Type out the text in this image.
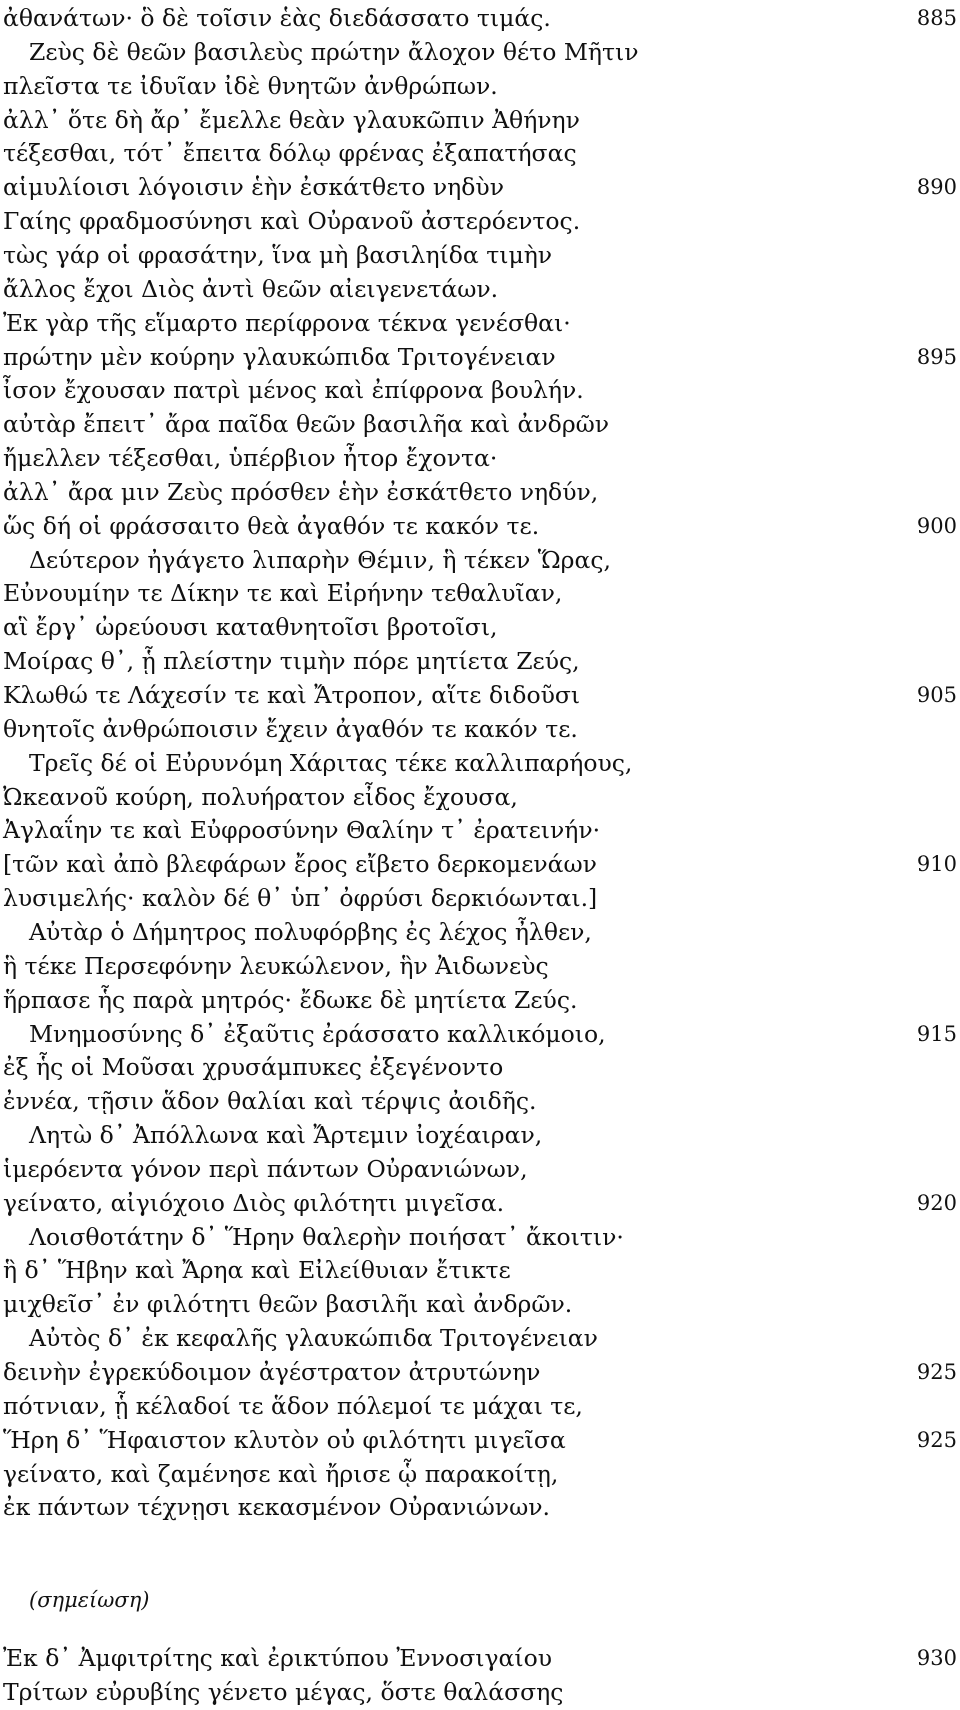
ἀθανάτων· ὃ δὲ τοῖσιν ἑὰς διεδάσσατο τιμάς.	885
Ζεὺς δὲ θεῶν βασιλεὺς πρώτην ἄλοχον θέτο Μῆτιν
πλεῖστα τε ἰδυῖαν ἰδὲ θνητῶν ἀνθρώπων.
ἀλλ᾽ ὅτε δὴ ἄρ᾽ ἔμελλε θεὰν γλαυκῶπιν Ἀθήνην
τέξεσθαι, τότ᾽ ἔπειτα δόλῳ φρένας ἐξαπατήσας
αἱμυλίοισι λόγοισιν ἑὴν ἐσκάτθετο νηδὺν	890
Γαίης φραδμοσύνησι καὶ Οὐρανοῦ ἀστερόεντος.
τὼς γάρ οἱ φρασάτην, ἵνα μὴ βασιληίδα τιμὴν
ἄλλος ἔχοι Διὸς ἀντὶ θεῶν αἰειγενετάων.
Ἐκ γὰρ τῆς εἵμαρτο περίφρονα τέκνα γενέσθαι·
πρώτην μὲν κούρην γλαυκώπιδα Τριτογένειαν	895
ἶσον ἔχουσαν πατρὶ μένος καὶ ἐπίφρονα βουλήν.
αὐτὰρ ἔπειτ᾽ ἄρα παῖδα θεῶν βασιλῆα καὶ ἀνδρῶν
ἤμελλεν τέξεσθαι, ὑπέρβιον ἦτορ ἔχοντα·
ἀλλ᾽ ἄρα μιν Ζεὺς πρόσθεν ἑὴν ἐσκάτθετο νηδύν,
ὥς δή οἱ φράσσαιτο θεὰ ἀγαθόν τε κακόν τε.	900
Δεύτερον ἠγάγετο λιπαρὴν Θέμιν, ἣ τέκεν Ὥρας,
Εὐνουμίην τε Δίκην τε καὶ Εἰρήνην τεθαλυῖαν,
αἳ ἔργ᾽ ὠρεύουσι καταθνητοῖσι βροτοῖσι,
Μοίρας θ᾽, ᾗ πλείστην τιμὴν πόρε μητίετα Ζεύς,
Κλωθώ τε Λάχεσίν τε καὶ Ἄτροπον, αἵτε διδοῦσι	905
θνητοῖς ἀνθρώποισιν ἔχειν ἀγαθόν τε κακόν τε.
Τρεῖς δέ οἱ Εὐρυνόμη Χάριτας τέκε καλλιπαρήους,
Ὠκεανοῦ κούρη, πολυήρατον εἶδος ἔχουσα,
Ἀγλαΐην τε καὶ Εὐφροσύνην Θαλίην τ᾽ ἐρατεινήν·
[τῶν καὶ ἀπὸ βλεφάρων ἔρος εἴβετο δερκομενάων	910
λυσιμελής· καλὸν δέ θ᾽ ὑπ᾽ ὀφρύσι δερκιόωνται.]
Αὐτὰρ ὁ Δήμητρος πολυφόρβης ἐς λέχος ἦλθεν,
ἣ τέκε Περσεφόνην λευκώλενον, ἣν Ἀιδωνεὺς
ἥρπασε ἧς παρὰ μητρός· ἔδωκε δὲ μητίετα Ζεύς.
Μνημοσύνης δ᾽ ἐξαῦτις ἐράσσατο καλλικόμοιο,	915
ἐξ ἧς οἱ Μοῦσαι χρυσάμπυκες ἐξεγένοντο
ἐννέα, τῇσιν ἅδον θαλίαι καὶ τέρψις ἀοιδῆς.
Λητὼ δ᾽ Ἀπόλλωνα καὶ Ἄρτεμιν ἰοχέαιραν,
ἱμερόεντα γόνον περὶ πάντων Οὐρανιώνων,
γείνατο, αἰγιόχοιο Διὸς φιλότητι μιγεῖσα.	920
Λοισθοτάτην δ᾽ Ἥρην θαλερὴν ποιήσατ᾽ ἄκοιτιν·
ἣ δ᾽ Ἥβην καὶ Ἄρηα καὶ Εἰλείθυιαν ἔτικτε
μιχθεῖσ᾽ ἐν φιλότητι θεῶν βασιλῆι καὶ ἀνδρῶν.
Αὐτὸς δ᾽ ἐκ κεφαλῆς γλαυκώπιδα Τριτογένειαν
δεινὴν ἐγρεκύδοιμον ἀγέστρατον ἀτρυτώνην	925
πότνιαν, ᾗ κέλαδοί τε ἅδον πόλεμοί τε μάχαι τε,
Ἥρη δ᾽ Ἥφαιστον κλυτὸν οὐ φιλότητι μιγεῖσα	925
γείνατο, καὶ ζαμένησε καὶ ἤρισε ᾧ παρακοίτῃ,
ἐκ πάντων τέχνῃσι κεκασμένον Οὐρανιώνων.
(σημείωση)
Ἐκ δ᾽ Ἀμφιτρίτης καὶ ἐρικτύπου Ἐννοσιγαίου	930
Τρίτων εὐρυβίης γένετο μέγας, ὅστε θαλάσσης
